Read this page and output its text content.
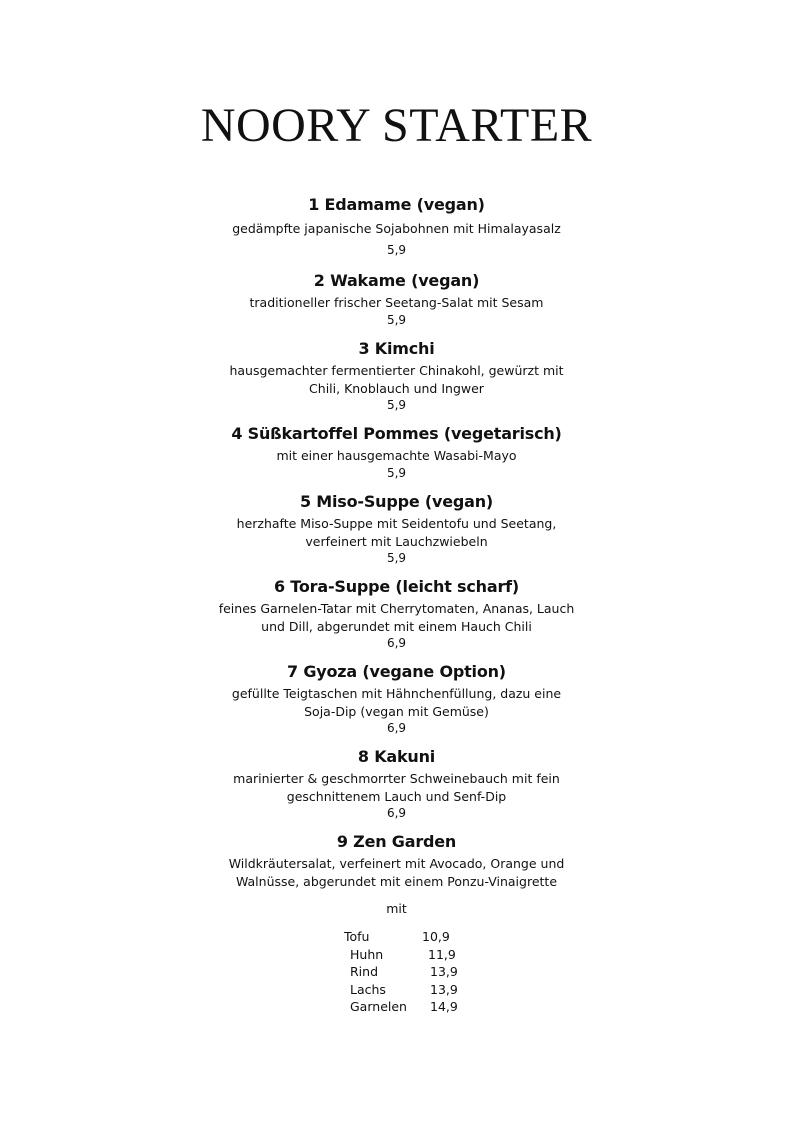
NOORY STARTER
1 Edamame (vegan)
gedämpfte japanische Sojabohnen mit Himalayasalz
5,9
2 Wakame (vegan)
traditioneller frischer Seetang-Salat mit Sesam
5,9
3 Kimchi
hausgemachter fermentierter Chinakohl, gewürzt mit Chili, Knoblauch und Ingwer
5,9
4 Süßkartoffel Pommes (vegetarisch)
mit einer hausgemachte Wasabi-Mayo
5,9
5 Miso-Suppe (vegan)
herzhafte Miso-Suppe mit Seidentofu und Seetang, verfeinert mit Lauchzwiebeln
5,9
6 Tora-Suppe (leicht scharf)
feines Garnelen-Tatar mit Cherrytomaten, Ananas, Lauch und Dill, abgerundet mit einem Hauch Chili
6,9
7 Gyoza (vegane Option)
gefüllte Teigtaschen mit Hähnchenfüllung, dazu eine Soja-Dip (vegan mit Gemüse)
6,9
8 Kakuni
marinierter & geschmorrter Schweinebauch mit fein geschnittenem Lauch und Senf-Dip
6,9
9 Zen Garden
Wildkräutersalat, verfeinert mit Avocado, Orange und Walnüsse, abgerundet mit einem Ponzu-Vinaigrette
mit
Tofu	10,9
Huhn	11,9
Rind	13,9
Lachs	13,9
Garnelen	14,9
